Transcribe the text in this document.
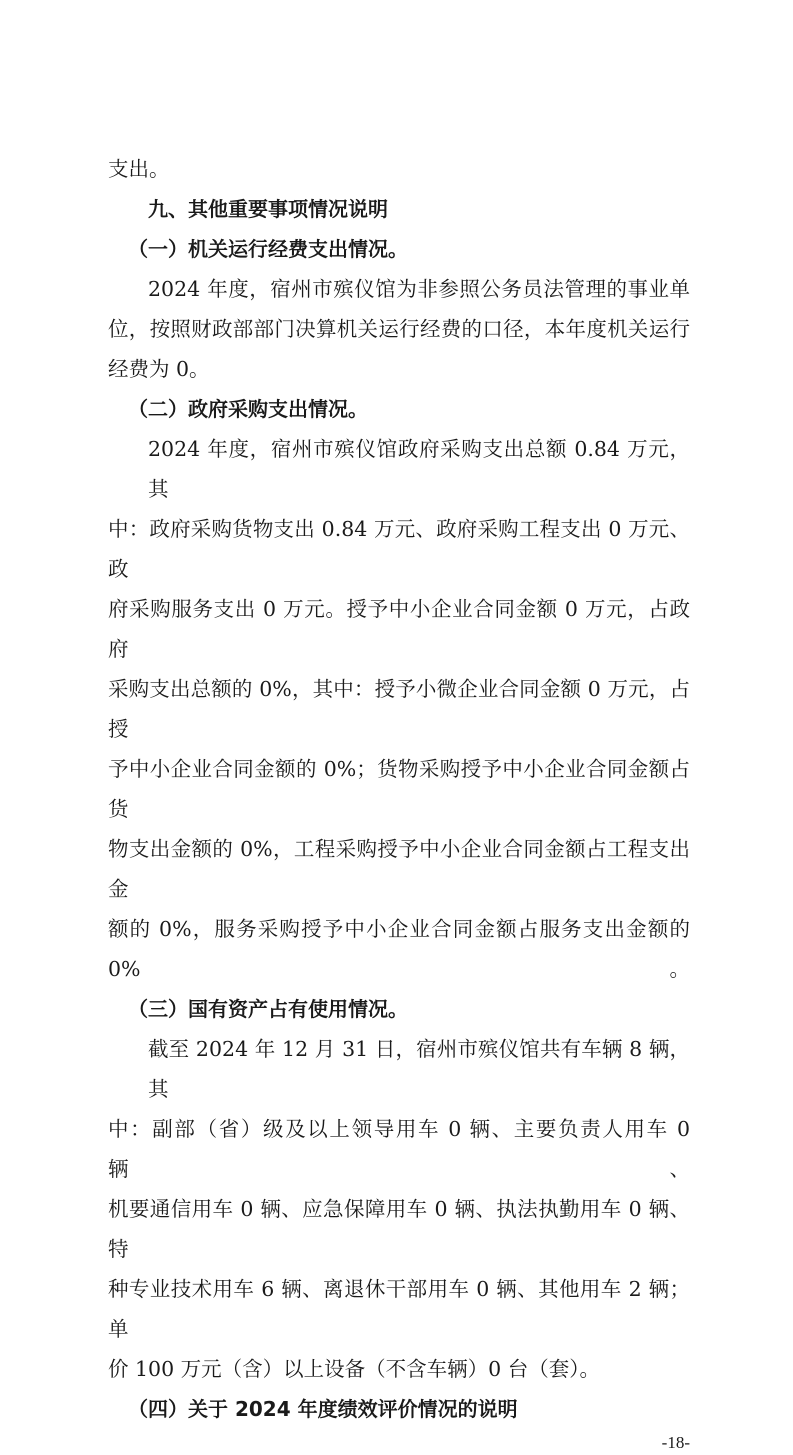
支出。
九、其他重要事项情况说明
（一）机关运行经费支出情况。
2024 年度，宿州市殡仪馆为非参照公务员法管理的事业单
位，按照财政部部门决算机关运行经费的口径，本年度机关运行
经费为 0。
（二）政府采购支出情况。
2024 年度，宿州市殡仪馆政府采购支出总额 0.84 万元，其
中：政府采购货物支出 0.84 万元、政府采购工程支出 0 万元、政
府采购服务支出 0 万元。授予中小企业合同金额 0 万元，占政府
采购支出总额的 0%，其中：授予小微企业合同金额 0 万元，占授
予中小企业合同金额的 0%；货物采购授予中小企业合同金额占货
物支出金额的 0%，工程采购授予中小企业合同金额占工程支出金
额的 0%，服务采购授予中小企业合同金额占服务支出金额的 0%。
（三）国有资产占有使用情况。
截至 2024 年 12 月 31 日，宿州市殡仪馆共有车辆 8 辆，其
中：副部（省）级及以上领导用车 0 辆、主要负责人用车 0 辆、
机要通信用车 0 辆、应急保障用车 0 辆、执法执勤用车 0 辆、特
种专业技术用车 6 辆、离退休干部用车 0 辆、其他用车 2 辆；单
价 100 万元（含）以上设备（不含车辆）0 台（套）。
（四）关于 2024 年度绩效评价情况的说明
-18-
